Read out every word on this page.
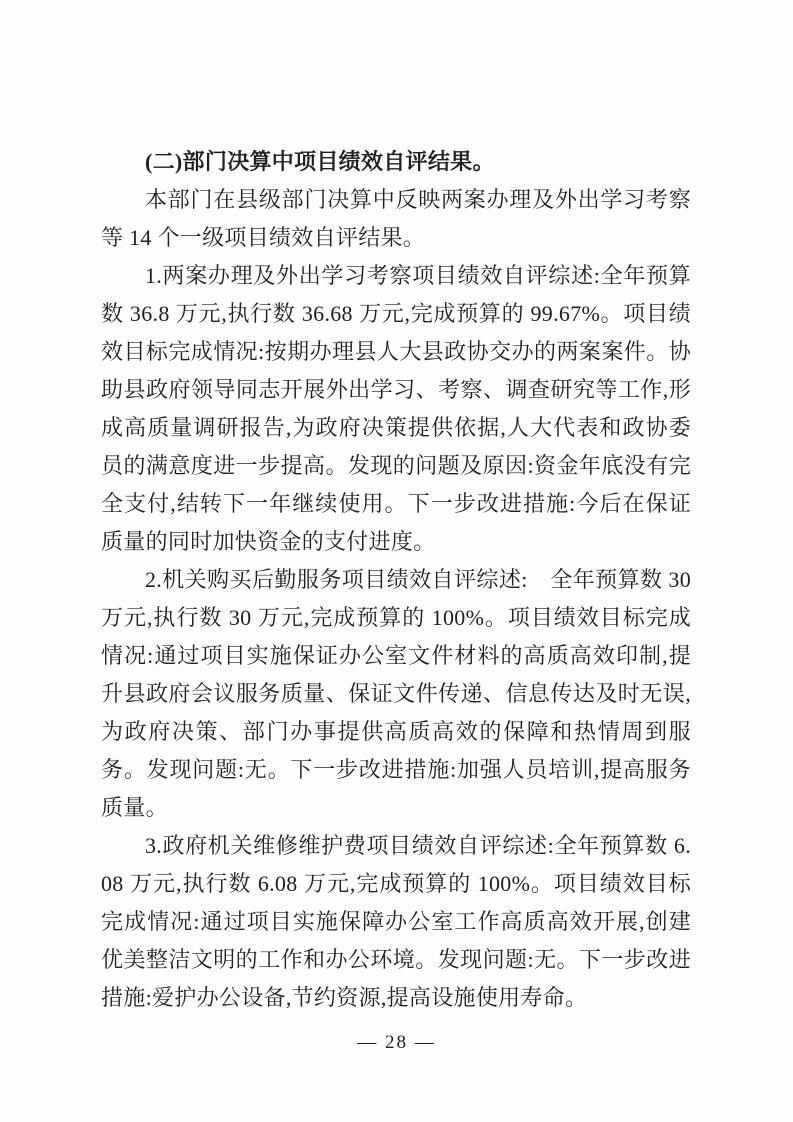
(二)部门决算中项目绩效自评结果。

本部门在县级部门决算中反映两案办理及外出学习考察等 14 个一级项目绩效自评结果。

1.两案办理及外出学习考察项目绩效自评综述:全年预算数 36.8 万元,执行数 36.68 万元,完成预算的 99.67%。项目绩效目标完成情况:按期办理县人大县政协交办的两案案件。协助县政府领导同志开展外出学习、考察、调查研究等工作,形成高质量调研报告,为政府决策提供依据,人大代表和政协委员的满意度进一步提高。发现的问题及原因:资金年底没有完全支付,结转下一年继续使用。下一步改进措施:今后在保证质量的同时加快资金的支付进度。

2.机关购买后勤服务项目绩效自评综述:　全年预算数 30 万元,执行数 30 万元,完成预算的 100%。项目绩效目标完成情况:通过项目实施保证办公室文件材料的高质高效印制,提升县政府会议服务质量、保证文件传递、信息传达及时无误,为政府决策、部门办事提供高质高效的保障和热情周到服务。发现问题:无。下一步改进措施:加强人员培训,提高服务质量。

3.政府机关维修维护费项目绩效自评综述:全年预算数 6.08 万元,执行数 6.08 万元,完成预算的 100%。项目绩效目标完成情况:通过项目实施保障办公室工作高质高效开展,创建优美整洁文明的工作和办公环境。发现问题:无。下一步改进措施:爱护办公设备,节约资源,提高设施使用寿命。

— 28 —
